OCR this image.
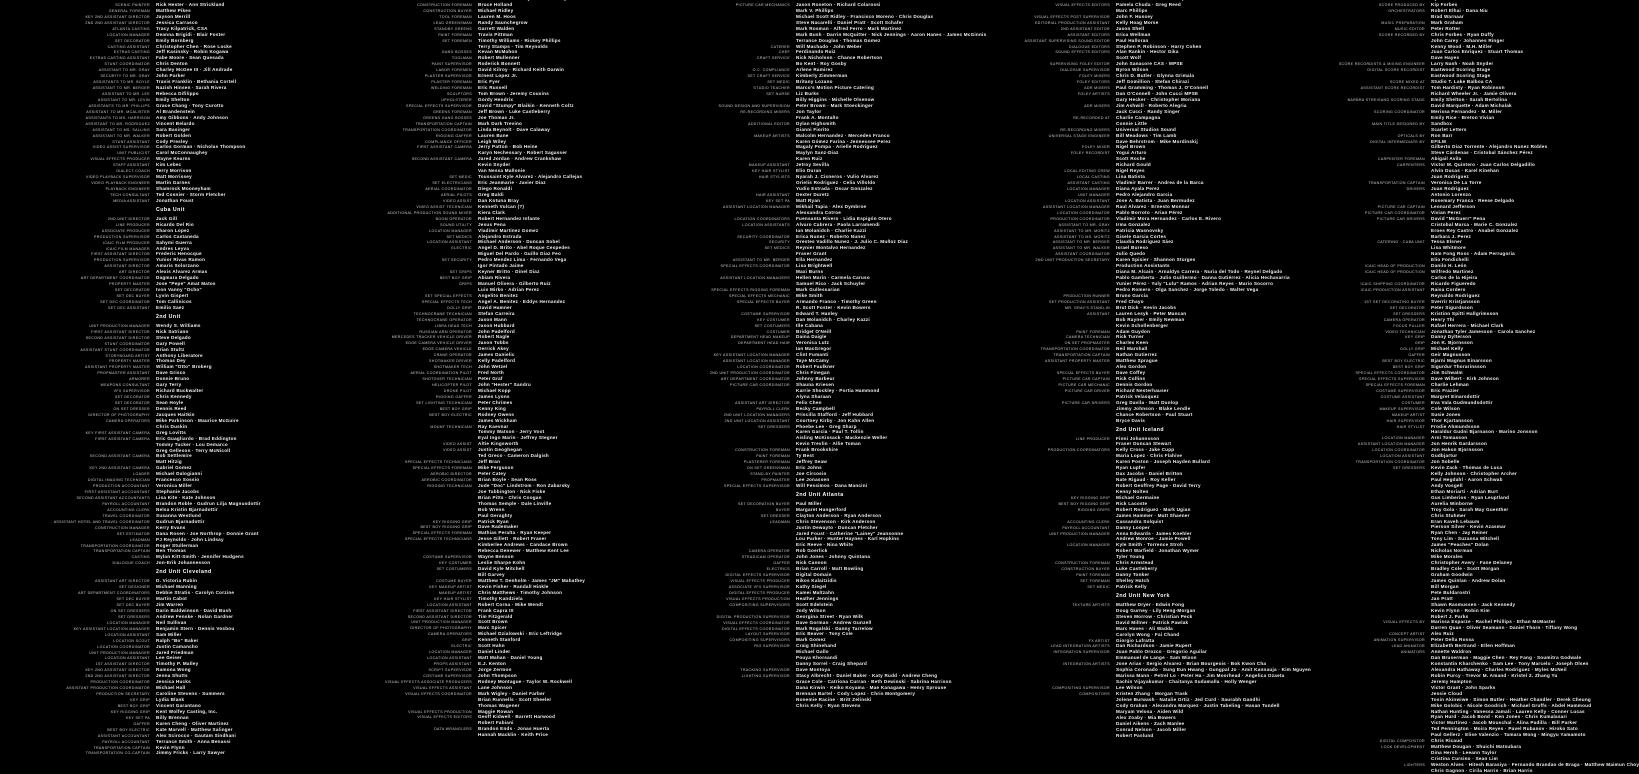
SCENIC PAINTER	Rick Hester · Ann Strickland
GENERAL FOREMAN	Matthew Pikes
KEY 2ND ASSISTANT DIRECTOR	Jayson Merrill
2ND 2ND ASSISTANT DIRECTOR	Jessica Carrasco
ATLANTA CASTING	Tracy Kilpatrick, CSA
LOCATION MANAGER	Deanna Brigidi · Blair Foster
SET DECORATOR	Emily Bornberg
CASTING ASSISTANT	Christopher Chen · Rose Locke
EXTRAS CASTING	Jeff Kasinsky · Robin Kogawa
EXTRAS CASTING ASSISTANT	Fabe Moore · Sean Quesada
STUNT COORDINATOR	Chris Denton
ASSISTANT TO MR. GRAY	Charley McGee III · Jill Andrade
SECURITY TO MR. GRAY	John Parker
ASSISTANTS TO MR. BOYLE	Travis Franklin · Bethania Cortell
ASSISTANT TO MR. BERGER	Nazish Hinsen · Sarah Rivera
ASSISTANT TO MR. LEE	Rebecca Difilippo
ASSISTANT TO MR. LEVIN	Emily Shelton
ASSISTANTS TO MR. PHILLIPS	Grace Chang · Tony Curotto
ASSISTANT TO MR. MCALISTER	Al Brandenstein
ASSISTANTS TO MS. HARRISON	Amy Gibbons · Andy Johnson
ASSISTANT TO MS. RODRIGUEZ	Vincent Belardo
ASSISTANT TO MS. SALLING	Sara Basinger
ASSISTANT TO MR. WALKER	Robert Golden
STUNT ASSISTANT	Cody Presley
VIDEO ASSIST SUPERVISOR	Carlos Gorman · Nicholas Thompson
UNIT PUBLICIST	Carol McConnaughey
VISUAL EFFECTS PRODUCER	Wayne Kearns
STAFF ASSISTANT	Kim Lebec
DIALECT COACH	Terry Morrison
VIDEO PLAYBACK SUPERVISOR	Matt Morrissey
VIDEO PLAYBACK ENGINEER	Martin Garnes
PLAYBACK ENGINEER	Shamrock Mooneyham
TECH CONSULTANT	Ted Cosnier · Storm Fletcher
MEDIA ASSISTANT	Jonathan Foust
Cuba Unit
2ND UNIT DIRECTOR	Jack Gill
LINE PRODUCER	Ricardo Del Rio
ASSOCIATE PRODUCER	Sharon Lopez
PRODUCTION SUPERVISOR	Carlos Castaneda
ICAIC FILM PRODUCER	Sahymi Guerra
ICAIC FILM MANAGER	Andres Leyva
FIRST ASSISTANT DIRECTOR	Frederic Henocque
PRODUCTION SUPERVISOR	Yunior Rivas Ramon
ASSISTANT DIRECTOR	Amaris Solorzano
ART DIRECTOR	Alexis Alvarez Armas
ART DEPARTMENT COORDINATOR	Dagmara Delgado
PROPERTY MASTER	Jose "Pepe" Amat Matos
SET DECORATOR	Ivon Vanny "Ocho"
SET DEC BUYER	Lyvin Gispert
SET DEC COORDINATOR	Tom Callinicos
SET DEC ASSISTANT	Emilio Saez
2nd Unit
UNIT PRODUCTION MANAGER	Wendy S. Williams
FIRST ASSISTANT DIRECTOR	Nick Satriano
SECOND ASSISTANT DIRECTOR	Steve Delgado
STUNT COORDINATOR	Gary Powell
ASSISTANT STUNT COORDINATOR	Brian Stultz
STORYBOARD ARTIST	Anthony Liberatore
PROPERTY MASTER	Thomas Dey
ASSISTANT PROPERTY MASTER	William "Otto" Broberg
PROPMASTER ASSISTANT	Dave Grisco
ARMORER	Donnie Bruno
WEAPONS CONSULTANT	Gary Terry
VFX SUPERVISOR	Richard Buckwalter
SET DECORATOR	Chris Kennedy
SET DECORATOR	Sean Hoyle
ON SET DRESSER	Dennis Reed
DIRECTOR OF PHOTOGRAPHY	Jacques Haitkin
CAMERA OPERATORS	Mike Parkinson · Maurice McGuire
Chris Duskin
KEY FIRST ASSISTANT CAMERA	Greg Lovitts
FIRST ASSISTANT CAMERA	Eric Guagliardo · Brad Eddington
Tommy Tucker · Lou Demarco
Greg Gelleson · Terry McNicoll
SECOND ASSISTANT CAMERA	Bob Settlemire
Matt Hitzig
KEY 2ND ASSISTANT CAMERA	Gabriel Gomez
LOADER	Michael Dalogianni
DIGITAL IMAGING TECHNICIAN	Francesco Sossio
PRODUCTION ACCOUNTANT	Veronica Miller
FIRST ASSISTANT ACCOUNTANT	Stephanie Jacobs
SECOND ASSISTANT ACCOUNTANTS	Lisa Kite · Kate Johnson
PAYROLL ACCOUNTANT	Brandon Roble · Gudrun Lilja Magnusdottir
ACCOUNTING CLERK	Nelsa Kristin Bjarnadottir
TRAVEL COORDINATOR	Susanna Westlund
ASSISTANT HOTEL AND TRAVEL COORDINATOR	Gudrun Bjarnadottir
CONSTRUCTION MANAGER	Kerry Evans
SET ESTIMATOR	Dana Rosen · Joe Northrop · Donnie Grant
LEADMAN	PJ Reynolds · John Lindsay
TRANSPORTATION COORDINATOR	Roger Stullerman
TRANSPORTATION CAPTAIN	Ben Thomas
CASTING	Mylan Kitt-Smith · Jennifer Hudgens
DIALOGUE COACH	Jon-Erik Johannesson
2nd Unit Cleveland
ASSISTANT ART DIRECTOR	D. Victoria Rubin
SET DESIGNER	Michael Manning
ART DEPARTMENT COORDINATORS	Debbie Stratis · Carolyn Corzine
SET DEC BUYER	Martin Cabot
SET DEC BUYER	Jim Warren
ON SET DRESSERS	Darin Baldwinson · David Bush
SET DRESSERS	Andrew Fenske · Nolan Gardner
LOCATION MANAGER	Neil Sullivan
KEY ASSISTANT LOCATION MANAGER	Benjamin Stern · Dennis Vosbou
LOCATION ASSISTANT	Sam Miller
LOCATION SCOUT	Ralph "Bo" Baker
LOCATION COORDINATOR	Justin Camancho
UNIT PRODUCTION MANAGER	Jared Friedman
LOCATION ASSISTANT	Lee Geiser
1ST ASSISTANT DIRECTOR	Timothy P. Malley
KEY 2ND ASSISTANT DIRECTOR	Ramona Wong
2ND 2ND ASSISTANT DIRECTOR	Jenna Shutts
PRODUCTION COORDINATOR	Jessica Hucks
ASSISTANT PRODUCTION COORDINATOR	Michael Hall
PRODUCTION SECRETARY	Caroline Stevens · Summers
KEY GRIP	Lydia Blank
BEST BOY GRIP	Vincent Garantano
KEY RIGGING GRIP	Kent Wolfey Casting, Inc.
KEY SET PA	Billy Brennan
GAFFER	Karen Cheng · Oliver Martinez
BEST BOY ELECTRIC	Kate Marvell · Matthew Salinger
ASSISTANT ACCOUNTANT	Alex Scirocco · Gautam Sindhani
PAYROLL ACCOUNTANT	Terrance Smith · Anna Benassi
TRANSPORTATION CAPTAIN	Kevin Flynn
TRANSPORTATION CO-CAPTAIN	Jimmy Fricks · Larry Sawyer
CONSTRUCTION FOREMAN	Bruce Holland
CONSTRUCTION BUYER	Michael Ridley
TOOL FOREMAN	Lauren M. Hoos
LEAD GREENSMAN	Randy Saunchegrow
STANDBY GREENS	Garrett Walden
PAINT FOREMAN	Travis Pittman
SET FOREMEN	Timothy Williams · Rickey Phillips
Terry Stamps · Tim Reynolds
GANG BOSSES	Kevan McMahon
TOOLMAN	Robert Mullenner
PAINT SUPERVISOR	Roderick Bonnett
LABOR FOREMEN	David Kilroy · Richard Keith Darwin
PLASTER SUPERVISOR	Ernest Lopez Jr.
PLASTER FOREMAN	Eric Fyer
WELDING FOREMAN	Eric Russell
SCULPTORS	Tom Brown · Jeremy Cousins
UPHOLSTERER	Gordy Hendrix
SPECIAL EFFECTS SUPERVISOR	David "Stumpy" Blaikin · Kenneth Coltz
GREENS FOREMAN	Jeff Brown · Luke Castleberry
GREENS GANG BOSSES	Joe Thomas Jr.
TRANSPORTATION CAPTAIN	Mark Dark Trevino
TRANSPORTATION COORDINATOR	Linda Beynolt · Dave Calaway
RIGGING GAFFER	Lauren Bane
COMPLIANCE OFFICER	Leigh Wiley
FIRST ASSISTANT CAMERA	Jerry Patton · Bob Heine
Karyn Nechessary · Robert Sagasser
SECOND ASSISTANT CAMERA	Jared Jordan · Andrew Crankshaw
Kevin Snyder
Van Nessa Mallonie
SET MEDIC	Toussaint Kyle Alvarez · Alejandro Callejas
SET ELECTRICIANS	Eric Jeanmarie · Javier Diaz
AERIAL COORDINATOR	Diego Ronaldi
AERIAL PILOTS	Greg Baldi
VIDEO ASSIST	Dan Kotuna Bray
VIDEO ASSIST TECHNICIAN	Kenneth Vulcan (?)
ADDITIONAL PRODUCTION SOUND MIXER	Kiera Clark
BOOM OPERATOR	Robert Hernandez Infante
SOUND UTILITY	Jesus Pena
LOCATION MANAGER	Vladimir Martinez Gomez
SET MEDICS	Alejandro Estrada
LOCATION ASSISTANT	Michael Anderson · Duncan Sobel
ELECTRIC	Angel D. Brito · Abel Roque Cespedes
Miguel Del Pardo · Guillo Diaz Feo
SET SECURITY	Pedro Mendez Lima · Fernando Vega
Igor Pintado Jaime
SET GRIPS	Keyner Britto · Dinel Diaz
BEST BOY GRIP	Abiam Rivera
GRIPS	Manuel Olivera · Gilberto Ruiz
Luis Mirko · Adrian Perez
SET SPECIAL EFFECTS	Angelito Benitez
SPECIAL EFFECTS TECH	Angel A. Benitez · Eddys Hernandez
DOLLY GRIP	David Hamner
TECHNOCRANE TECHNICIAN	Stefan Carreira
TECHNOCRANE OPERATOR	Jason Mann
LIBRA HEAD TECH	Jason Hubbard
RUSSIAN ARM OPERATOR	John Padelford
MERCEDES TRACKER VEHICLE DRIVER	Robert Nagle
EDGE CAMERA VEHICLE DRIVER	Jason Tubbs
EDGE CAMERA VEHICLE	Derrick Akey
CRANE OPERATOR	James Danielic
SHOTMAKER DRIVER	Kelly Padelford
SHOTMAKER TECH	John Wetzel
AERIAL COORDINATION PILOT	Fred North
SHOTOVER TECHNICIAN	Peter Graf
HELICOPTER PILOT	John "Hester" Sandru
DRONE PILOT	Michael Kopp
RIGGING GAFFER	James Lyons
SET LIGHTING TECHNICIAN	Peter Chrimes
BEST BOY GRIP	Kenny King
BEST BOY ELECTRIC	Rodney Owens
James Wickham
MOUNT TECHNICIAN	Ray Kaevnar
Tommy Watson · Jerry Voot
Eyal Ingo Marin · Jeffrey Stegner
VIDEO ASSIST	Altie Kingsworth
VIDEO ASSIST	Justin Geoghegan
Ted Greco · Cameron Dalgish
SPECIAL EFFECTS TECHNICIANS	Jeff Bran
SPECIAL EFFECTS FOREMAN	Mike Ferguson
AEROBIC DIRECTOR	Peter Catey
AEROBIC COORDINATOR	Brian Boyle · Sean Ross
RIGGING TECHNICIAN	Jude "Doc" Lindstrom · Ron Zabarsky
Joe Tabbington · Nick Fiske
Brian Pitts · Chris Coogan
Thomas Semple · Dale Linville
Bob Wrenn
Paul Geraghty
KEY RIGGING GRIP	Patrick Ryan
BEST BOY RIGGING GRIP	Dave Rademaker
SPECIAL EFFECTS FOREMAN	Mathias Peralta · Ryan Keeper
SPECIAL EFFECTS TECHNICIANS	Jesse Gillett · Robert Fraser
Kimberlee Andrews · Candace Brown
Rebecca Denewer · Matthew Kent Lee
COSTUME SUPERVISOR	Wayne Benson
KEY COSTUMER	Leslie Sharpe Kohn
SET COSTUMERS	David Kyle Mitchell
Bill Garvey
COSTUME BUYER	Matthew T. Denholm · James "JM" Mahathey
KEY MAKEUP ARTIST	Kevin Fisher · Randall Hinkle
MAKEUP ARTIST	Chris Matthews · Timothy Johnson
KEY HAIR STYLIST	Timothy Kandziela
LOCATION ASSISTANT	Robert Corna · Mike Wendt
FIRST ASSISTANT DIRECTOR	Frank Capra III
SECOND ASSISTANT DIRECTOR	Tim Fitzgerald
UNIT PRODUCTION MANAGER	Scott Brown
DIRECTOR OF PHOTOGRAPHY	Marc Spicer
CAMERA OPERATORS	Michael Dzialowski · Eric Leftridge
GRIP	Kenneth Stanford
ELECTRIC	Scott Hahn
LOCATION MANAGER	Daniel Linder
LOCATION ASSISTANT	Matt Mahan · Daniel Young
PROPS ASSISTANT	E.J. Kenton
SCRIPT SUPERVISOR	Jorge Zermon
COSTUME SUPERVISOR	John Thompson
VISUAL EFFECTS ASSOCIATE PRODUCERS	Rodney Montague · Taylor W. Rockwell
VISUAL EFFECTS ASSISTANT	Lane Johnson
VISUAL EFFECTS COORDINATOR	Mark Wigley · Daniel Farber
Brian Runnells · Scott Sheeler
Thomas Wagener
VISUAL EFFECTS PRODUCTION	Maggie Rowan
VISUAL EFFECTS EDITORS	Geoff Kidwell · Barrett Harwood
Robert Fabiani
DATA WRANGLERS	Brandon Ends · Jonas Huerta
Hannah Macklin · Keith Price
PICTURE CAR MECHANICS	Jason Roseton · Richard Colarossi
Mark V. Phillips
Michael Scott Ridley · Francisco Moreno · Chris Douglas
Steve Nacarelli · Daniel Pratt · Scott Schafer
Mark Rosman · Alfred Ferro · Mark Martinez
Mark Bush · Darrin McQuitter · Nick Jennings · Aaron Hanes · James McGinnis
Terrance Douglas · Thomas Gomez
CATERER	Will Machado · John Weber
CHEF	Ferdinando Ruiz
CRAFT SERVICE	Nick Nicholson · Chance Robertson
Bo Kent · Roy Gosby
O.C. COMPLIANCE	Arlene Ramirez
SET CRAFT SERVICE	Kimberly Zimmerman
SET MEDIC	Britany Lozano
STUDIO TEACHER	Marco's Motion Picture Catering
SET NURSE	Liz Burks
Billy Higgins · Michelle Olsenow
SOUND DESIGN AND SUPERVISION	Peter Brown · Mark Stoeckinger
RE-RECORDING MIXERS	Jon Taylor
Frank A. Montaño
ADDITIONAL EDITOR	Dylan Highsmith
Gianni Fiorito
MAKEUP ARTISTS	Malcolm Hernandez · Mercedes Franco
Karen Gómez Farina · Jennessee Perez
Magaly Pompa · Arielle Rodriguez
Maylyn Sanz-Diaz
Karen Ruiz
MAKEUP ASSISTANT	Jetroy Sevilla
KEY HAIR STYLIST	Elio Duran
HAIR STYLISTS	Nyarah J. Cisneros · Vulio Alvarez
Orielis Rodriguez · Celia Villoldo
Yudio Estrada · Oscar Gonzalez
HAIR ASSISTANT	Dexter Duretz
KEY SET PA	Matt Ryan
ASSISTANT LOCATION MANAGER	Mikhail Tapia · Alex Dymbroe
Alessandra Cotroe
LOCATION COORDINATORS	Fuensanta Rivero · Lidia Espigón Otero
LOCATION ASSISTANTS	Alvaro Cabrera · Paola Larramendi
Ian Molanidch · Charlie Kazzi
SECURITY COORDINATOR	Erica Nunez · Roberto Nunez
SECURITY	Orestes Vadillo Nunez · J. Julio C. Muñoz Díaz
SET MEDICS	Reynier Montalvo Hernandez
Fraser Grant
ASSISTANT TO MR. BERGER	Ella Hernandez
SPECIAL EFFECTS COORDINATOR	Lisa Brightwell
Maxi Burns
ASSISTANT LOCATION MANAGERS	Hellen Marin · Carmela Caruso
Samuel Rico · Jack Schuyler
SPECIAL EFFECTS RIGGING FOREMAN	Mark Gullessarian
SPECIAL EFFECTS MECHANIC	Mike Smith
SPECIAL EFFECTS BUYER	Armando Franco · Timothy Green
R. Scott Foster · Kevin Bowers
COSTUME SUPERVISOR	Edward T. Hanley
KEY COSTUMER	Dan Molanidch · Charley Kazzi
SET COSTUMERS	Ille Cabana
COSTUMER	Bridget O'Neill
DEPARTMENT HEAD MAKEUP	Daina Daigle
DEPARTMENT HEAD HAIR	Veronica Lutz
Ian MacGregor
KEY ASSISTANT LOCATION MANAGER	Clint Fumanti
ASSISTANT LOCATION MANAGER	Taye McCamy
LOCATION COORDINATOR	Robert Faulkner
2ND UNIT PRODUCTION COORDINATOR	Chris Finegan
ART DEPARTMENT COORDINATOR	Johnny Barbeur
PICTURE CAR COORDINATOR	Shauna Kriesen
Karrie Shockley · Portia Hammond
Alyna Sharaan
ASSISTANT ART DIRECTOR	Felix Chen
PAYROLL CLERK	Becky Campbell
2ND UNIT LOCATION MANAGERS	Priscilla Stafford · Jeff Hubbard
2ND UNIT LOCATION ASSISTANT	Courtney Kirby · Jon Kahn Allen
SET DRESSERS	Phoebe Lee · Greg Sharp
Karen Garcia · Paul T. Tollin
Aisling McKissack · Mackenzie Weller
Kevin Trevlin · Allie Toman
CONSTRUCTION FOREMAN	Frank Brookshire
PAINT FOREMAN	Ty Best
PLASTERER FOREMAN	Jeffrey Seaw
ON SET GREENSMAN	Eric Johns
STAND-BY PAINTER	Joe Circosio
PROPMASTER	Lee Jonassen
SPECIAL EFFECTS SUPERVISOR	Will Fessimos · Dana Mancini
2nd Unit Atlanta
SET DECORATION BUYER	Paul Miller
BUYER	Margaret Hungerford
SET DRESSER	Clayton Anderson · Ryan Anderson
LEADMAN	Chris Stevenson · Kirk Anderson
Justin Dewayto · Duncan Fletcher
Jared Foust · Catherine "Lainey" Jeansonne
Lou Parker · Hunter Haynes · Karl Hopkins
Eric Reeve · Nina White
CAMERA OPERATOR	Rob Goerlick
STEADICAM OPERATOR	John Jones · Johnny Quintana
GAFFER	Nick Cannon
ELECTRICS	Brian Carroll · Matt Bowling
DIGITAL EFFECTS SUPERVISOR	Digital Domain
VISUAL EFFECTS PRODUCER	Nikos Kalaitzidis
ASSOCIATE VFX SUPERVISOR	Kathy Siegel
DIGITAL EFFECTS PRODUCER	Kamei Maltzahn
VISUAL EFFECTS PRODUCTION	Heather Jennings
COMPOSITING SUPERVISORS	Scott Edelstein
Jody Wilson
DIGITAL PRODUCTION SUPERVISOR	Georgina Street · Ryan Wilk
VISUAL EFFECTS COORDINATOR	Dave Gorman · Andrew Gunzell
DIGITAL EFFECTS COORDINATOR	Mark Rogalski · Danny Tarrelow
LAYOUT SUPERVISOR	Eric Beaver · Tony Cole
COMPOSITING SUPERVISORS	Mark Gomez
RIG SUPERVISOR	Craig Shinehand
Michael Gallo
Pouya Khorsandi
Danny Sorrel · Craig Shepard
TRACKING SUPERVISOR	Dave Montoya
LIGHTING SUPERVISOR	Stacy Albrecht · Daniel Baker · Katy Rudd · Andrew Cheng
Grace Cole · Catriona Curran · Beth Dewinski · Sabrina Harrison
Dana Kirwin · Keiko Koyama · Mae Kanagawa · Henry Sprouse
Brennan Bartel · Cody Lopez · Chris Montgomery
Nonemie Racine · Britt Zelinski
Chris Kelly · Ryan Stevens
VISUAL EFFECTS EDITORS	Pamela Chuda · Greg Reed
Marc Phillips
VISUAL EFFECTS POST SUPERVISOR	John F. Hussey
EDITORIAL PRODUCTION ASSISTANT	Kelly Hoag Morse
2ND ASSISTANT EDITOR	Jason Shell
ASSISTANT EDITORS	Erica Wellman
ASSISTANT SUPERVISING SOUND EDITOR	Paul Halloran
DIALOGUE EDITORS	Stephen P. Robinson · Harry Cohen
SOUND EFFECTS EDITORS	Alan Rankin · Hector Gika
Scott Wolf
SUPERVISING FOLEY EDITOR	John Sanacore CAS · MPSE
DIALOGUE SUPERVISOR	Byron Wilson
FOLEY MIXERS	Chris D. Butler · Glynna Grimala
FOLEY EDITORS	Jeff Gomillion · Stefan Chirazi
ADR MIXERS	Paul Gramming · Thomas J. O'Connell
FOLEY ARTISTS	Dan O'Connell · John Cucci MPSE
Gary Hecker · Christopher Moriana
ADR MIXERS	Jim Ashwill · Roberto Alegria
Jack Cucci · Randy Singer
RE-RECORDED AT	Charlie Campagna
Connie Little
RE-RECORDING MIXERS	Universal Studios Sound
UNIVERSAL STAGE ENGINEER	Bill Meadows · Tim Lamb
Dave Behrstrom · Mike Mordinskij
FOLEY MIXER	Nigel Brown
FOLEY RECORDIST	Yogui Arturo
Scott Roche
Richard Gould
LOCAL EDITING CREW	Nigel Reyes
LOCAL CASTING	Lina Batista
ASSISTANT CASTING	Vladimir Barrer · Andrea de la Barca
LOCATION MANAGER	Diana Ayala Perez
UNIT MANAGER	Pedro Alejandro Garcia
LOCATION ASSISTANT	Jose A. Batista · Juan Bermudez
ASSISTANT LOCATION MANAGER	Raul Alvarez · Ernesto Monnar
LOCATION COORDINATOR	Pablo Borroto · Arian Pérez
PRODUCTION COORDINATOR	Vladimir Mora Hernandez · Carlos E. Rivero
ASSISTANT TO MR. GRAY	Irma Gonzalez
ASSISTANT TO MR. MORITZ	Patricia Wasnovsky
ASSISTANT TO MS. MORITZ	Gisele Garcia Cortes
ASSISTANT TO MR. BERGER	Claudia Rodriguez Sáez
ASSISTANT TO MR. WALKER	Israel Bureso
ASSISTANT COORDINATOR	Julio Quedo
2ND UNIT PRODUCTION SECRETARY	Karen Spisier · Shannon Sturges
Production Assistants
Diana M. Alcain · Arnaldys Carrera · Nuria del Todo · Reynel Delgado
Pablo Gamberta · Julio Guillermo · Danna Gutiérrez · Alicia Hechavarria
Yunier Pérez · Yuly "Lulu" Ramos · Adrian Reyes · Mario Socorro
Pedro Romero · Olga Sanchez · Jorge Toledo · Walter Vega
PRODUCTION RUNNER	Bruno Garcia
SET PRODUCTION ASSISTANT	Fred Chayo
MR. GRAY'S STAND-IN	Brut Dick · Kevin Jacobs
ASSISTANT	Lauren Lesyk · Peter Mancan
Bob Rayner · Emily Newman
Kevin Schollenberger
PAINT FOREMAN	Adam Guydon
CAMERA TECHNICIAN	Rick Turner
ON SET PROPMASTER	Charles Keen
TRANSPORTATION COORDINATOR	Neil Marshall
TRANSPORTATION CAPTAIN	Nathan Gutierrez
ASSISTANT PROPERTY MASTER	Matthew Sprague
Alex Gordon
SPECIAL EFFECTS BUYER	Dave Coffey
PICTURE CAR CAPTAIN	Rick Collins
PICTURE CAR MECHANIC	Dennis Gordon
PICTURE CAR DRIVER	Richard Nesterhauser
Patrick Velasquez
PICTURE CAR DRIVERS	Greg Davila · Matt Dunlop
Jimmy Johnson · Blake Lendle
Chance Robertson · Paul Stuart
Bryce Davis
2nd Unit Iceland
LINE PRODUCER	Finni Johannsson
Fraser Duncan Stewart
PRODUCTION COORDINATORS	Kelly Cross · Jake Cupp
Maria Lopez · Chris Flahive
Karen Poston · Joseph Hayden Bullard
Ryan Lupfer
Dax Jacobs · Daniel Britton
Nate Rigaud · Roy Keller
Robert Geoffrey Page · David Terry
Kenny Nolten
KEY RIGGING GRIP	Michael Germaine
BEST BOY RIGGING GRIP	Rick Lacoste
RIGGING GRIPS	Robert Rodriguez · Mark Ugian
James Hammer · Matt Shaener
ACCOUNTING CLERK	Cassandra Solquist
PAYROLL ACCOUNTANT	Danny Looper
UNIT PRODUCTION MANAGER	Anna Edwards · James Koehler
Andrew Monroe · Jamie Powell
LOCATION MANAGER	Kyle Smith · Torrence Stroh
Robert Warfield · Jonathan Wymer
Tyler Young
CONSTRUCTION FOREMAN	Chris Armstead
CONSTRUCTION BUYER	Luke Castleberry
PAINT FOREMAN	Danny Tonker
SET FOREMAN	Shelley Hatch
SET MEDIC	Patrick Kelly
2nd Unit New York
TEXTURE ARTISTS	Matthew Dryer · Edwin Fong
Doug Gurney · Lily Heng-Morgan
Steven Morrow · Christian Peck
David Millner · Patrick Pawlak
Marc Haves · Ali Wadda
Carolyn Wong · Fai Chand
FX ARTIST	Giorgio Lafratta
LEAD INTEGRATION ARTISTS	Dan Richardson · Jamie Rupert
INTEGRATION SUPERVISOR	Juan Pablo Orozco · Gregorio Aguilar
Emmanuel de Lange · Sam Wixon
INTEGRATION ARTISTS	Jose Arias · Sergio Alvarez · Brian Bourgeois · Bok Kwon Cha
Sophia Coronado · Sung Eun Hwang · Gungpal Jo · Amit Kannauja · Kim Nguyen
Marissa Mann · Petrel Lo · Peter Ha · Jim Moorhead · Angelica Ozaeta
Sachin Vijayakumar · Chaitanya Sudamalla · Holly Wenger
COMPOSITING SUPERVISOR	Lee Wilson
COMPOSITORS	Kristen Zhang · Morgan Trask
Jolene Burwash · Natalie Ortiz · Jed Curd · Saurabh Gandhi
Cody Grahan · Alexandra Marquez · Justin Tabeling · Hasan Tundell
Maryam Velosa · Aiden Wild
Alex Zoaby · Mia Bowers
Daniel Aikens · Zach Manlee
Conrad Nelson · Jacob Miller
Robert Paslund
SCORE PRODUCED BY	Kip Forbes
ORCHESTRATORS	Robert Elhai · Dana Niu
Brad Warnaar
MUSIC PREPARATION	Mark Graham
MUSIC EDITOR	Peter Rotter
SCORE RECORDED BY	Chris Forbes · Ryan Duffy
John Carey · Johannes Ringer
Kenny Wood · M.H. Miller
Juan Carlos Enriquez · Stuart Thomas
Dave Hayes
SCORE RECORDISTS & MIXING ENGINEER	Larry Nash · Noah Snyder
DIGITAL SCORE RECORDIST	Eastwood Scoring Stage
Eastwood Scoring Stage
SCORE MIXED AT	Studio T. Lake Balboa CA
ASSISTANT SCORE RECORDIST	Tom Hardisty · Ryan Robinson
Richard Wheeler Jr. · Jamie Olivera
BARBRA STREISAND SCORING STAGE	Emily Shelton · Sarah Bertolina
David Marquette · Adam Michalak
SCORING COORDINATOR	Merissa Fernandez · M. Miller
Emily Rice · Breton Vivian
MAIN TITLE DESIGNED BY	Sandbox
Scarlet Letters
OPTICALS BY	Ron Barr
DIGITAL INTERMEDIATE BY	EFILM
Gilberto Diaz Torrente · Alejandro Nunez Robles
Steve Cárdenas · Cristobal Sánchez Pérez
CARPENTER FOREMAN	Abigail Avila
CARPENTERS	Victor M. Quintero · Juan Carlos Delgadillo
Alvin Ducas · Karel Kinehan
Juan Rodriguez
TRANSPORTATION CAPTAIN	Veronica De La Torre
DRIVERS	Juan Rodriguez
Antonio Lorenzo
Rosemary Franca · Reese Delgado
PICTURE CAR CAPTAIN	Leonard Jefferson
PICTURE CAR COORDINATOR	Vivian Perez
PICTURE CAR DRIVERS	David "McGuerr" Pena
Cristobal Marca · Marie C. Gonzalez
Eroes Rey Castro · Anabel Gonzalez
Barbara J. Perez
CATERING · CUBA UNIT	Tessa Elsner
Lisa Whitmore
Nam Fong Ross · Adam Perrugoria
Elio Fondichelli
ICAIC HEAD OF PRODUCTION	Danilo H. León
ICAIC HEAD OF PRODUCTION	Wilfredo Martinez
Carlos de la Hijeira
ICAIC SHIPPING COORDINATOR	Ricardo Figueredo
ICAIC PRODUCTION ASSISTANT	Raisa Cordero
Reynaldo Rodriguez
1ST SET DECORATING BUYER	Sverrir Kristjansson
SET DECORATOR	Peter Sigurdsson
SET DRESSERS	Kristinn Spitti Hallgrimsson
CAMERA OPERATOR	Henry Thi
FOCUS PULLER	Rafael Herrera · Michael Clark
VIDEO TECHNICIAN	Jonathan Tyler Jamesson · Carola Sanchez
KEY GRIP	Danny Dylterson
GRIP	Jon K. Bjornsson
DOLLY GRIP	Michael Kelly
GAFFER	Geir Magnusson
BEST BOY ELECTRIC	Bjarni Magnus Einarsson
BEST BOY GRIP	Sigurdur Thorarinsson
SPECIAL EFFECTS COORDINATOR	Jim Schwalm
SPECIAL EFFECTS SUPERVISOR	Dave Wilbert · Kirk Johnson
SPECIAL EFFECTS FOREMAN	Charlie Lehman
COSTUME SUPERVISOR	Eric Frazier
COSTUME ASSISTANT	Margret Einarsdottir
COSTUMER	Eva Vala Gudmundsdottir
MAKEUP SUPERVISOR	Cole Wilson
MAKEUP ARTIST	Susie Jones
HAIR SUPERVISOR	Thor Kjartansson
HAIR STYLIST	Frodie Ahmundsson
Haraldur Gudni Bjarnason · Marino Jonsson
LOCATION MANAGER	Arni Tomasson
ASSISTANT LOCATION MANAGER	Jon Henrik Gardarsson
LOCATION COORDINATOR	Jon Hakon Bjornsson
LOCATION ASSISTANT	Gudbjartur
TRANSPORTATION COORDINATOR	Jon Sobelle
SET DRESSERS	Kevin Zack · Thomas de Luca
Kelly Johnson · Christopher Archer
Paul Hegdahl · Aaron Schwab
Andy Vosgell
Ethan Moriarti · Adrian Burt
Gus Limberios · Ryan Leuptland
Aurelia Winborne
Troy Gola · Sarah May Guenther
Chris Stuhmer
Eran Kaveh Lebaum
Pierson Silver · Kevin Azasmar
Ryan Chen · Jay Reiner
Tony Lim · Suzanna Mitchell
James "Peaches" Dolan
Nicholas Norman
Mike Morales
Christopher Avery · Fane Delaney
Bradley Cole · Scott Morgan
Graham Goodwin
James Quinlan · Andrew Dolan
Bill Morgan
Pete Buldarostri
Jan Pratt
Shawn Rasmussen · Jack Kennedy
Kevin Flynn · Robin Kim
Robert J. Parks
VISUAL EFFECTS BY	Marissa Esparze · Rachel Phillips · Ethan McMaster
Darren Quan · Oliver Seamann · Daniel Thorn · Tiffany Wong
CONCEPT ARTIST	Alex Ruiz
ANIMATION SUPERVISOR	Peter Della Rossa
LEAD ANIMATOR	Elizabeth Bertrand · Ellen Hoffman
ANIMATORS	Annette Waldron
Dan Bruserman · Maggie Chen · Rey Fang · Soumitra Godwale
Konstantin Kharchenko · Sam Lee · Tony Marcelo · Joseph Olsen
Alexandra Hathaway · Charles Rodriguez · Myles McNeil
Robin Purcy · Trevor M. Amand · Kristel Z. Zhang Yu
Jeremy Hampton
Victor Grant · John Sparks
Jessie Cloud
Tosin Akinwiwe · Simon Butler · Heather Chandler · Derek Cheung
Mike Golobic · Nicole Goodrich · Michael Gruffs · Abdel Hammoud
Nathan Hunting · Vanessa Jamali · Lauren Kelly · Conner Lucas
Ryan Hurd · Jacob Bond · Ken Jones · Chris Kumalasari
Victor Martinez · Jacob Mouschal · Alina Padilla · Bill Parker
Ted Pennington · Moira Reyes · Pavel Rubanov · Hiroko Sato
Paul Gellerz · Elise Valenzio · Tamara Wong · Mingyu Yamamoto
DIGITAL COMPOSITOR	Chris Ricaud
LOOK DEVELOPMENT	Matthew Dougan · Shuichi Matsubara
Dina Hersh · Leeann Taylor
Cristina Cursino · Sean Lim
LIGHTERS	Weston Alves · Hitesh Barasiya · Fernando Brandao de Braga · Matthew Maimun Choy
Chris Gagnon · Cirila Harris · Brian Harris
